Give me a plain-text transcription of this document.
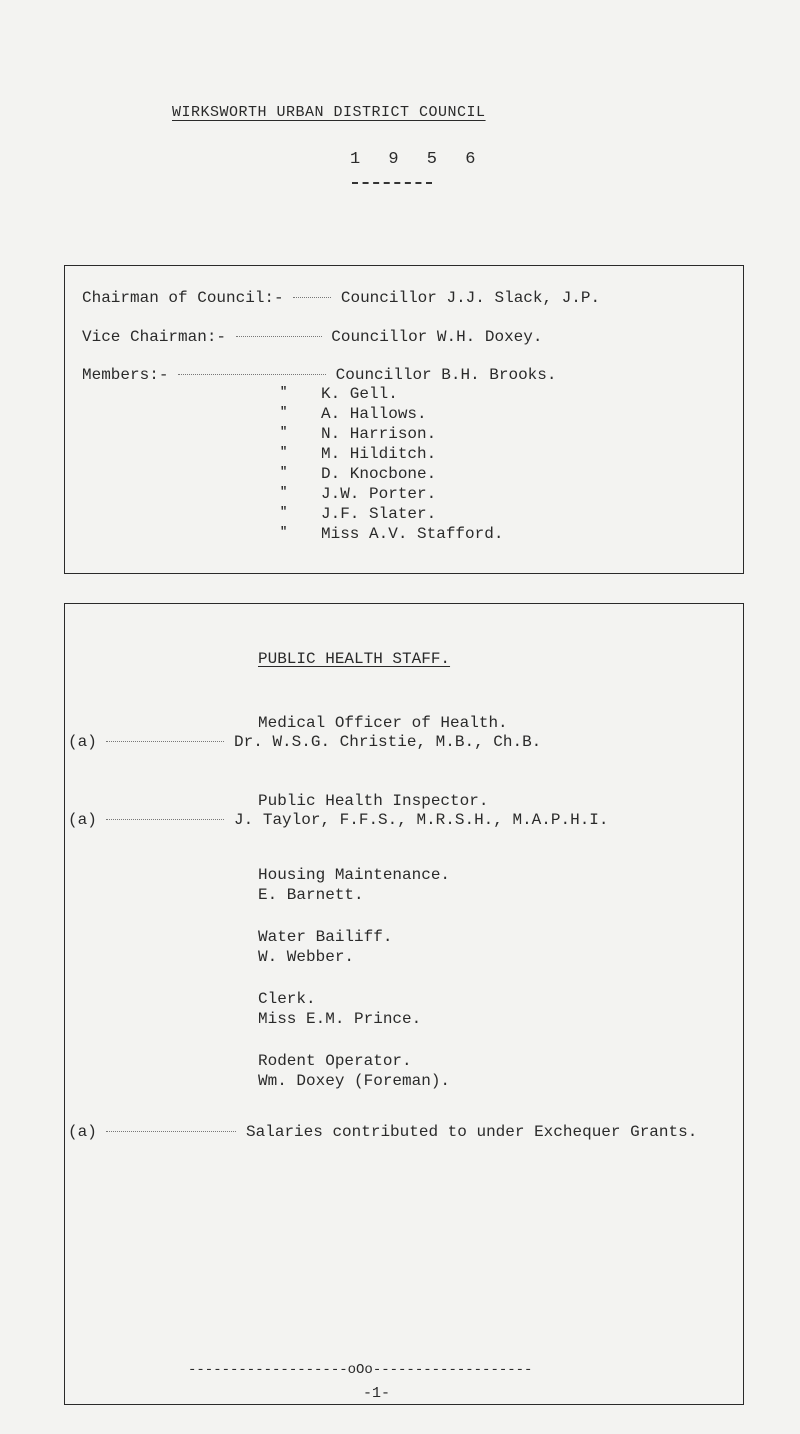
WIRKSWORTH URBAN DISTRICT COUNCIL
1 9 5 6
Chairman of Council:-	Councillor J.J. Slack, J.P.
Vice Chairman:-	Councillor W.H. Doxey.
Members:-	Councillor B.H. Brooks.
" K. Gell.
" A. Hallows.
" N. Harrison.
" M. Hilditch.
" D. Knocbone.
" J.W. Porter.
" J.F. Slater.
" Miss A.V. Stafford.
PUBLIC HEALTH STAFF.
Medical Officer of Health.
(a)	Dr. W.S.G. Christie, M.B., Ch.B.
Public Health Inspector.
(a)	J. Taylor, F.F.S., M.R.S.H., M.A.P.H.I.
Housing Maintenance.
E. Barnett.
Water Bailiff.
W. Webber.
Clerk.
Miss E.M. Prince.
Rodent Operator.
Wm. Doxey (Foreman).
(a)	Salaries contributed to under Exchequer Grants.
-------------------oOo-------------------
-1-
